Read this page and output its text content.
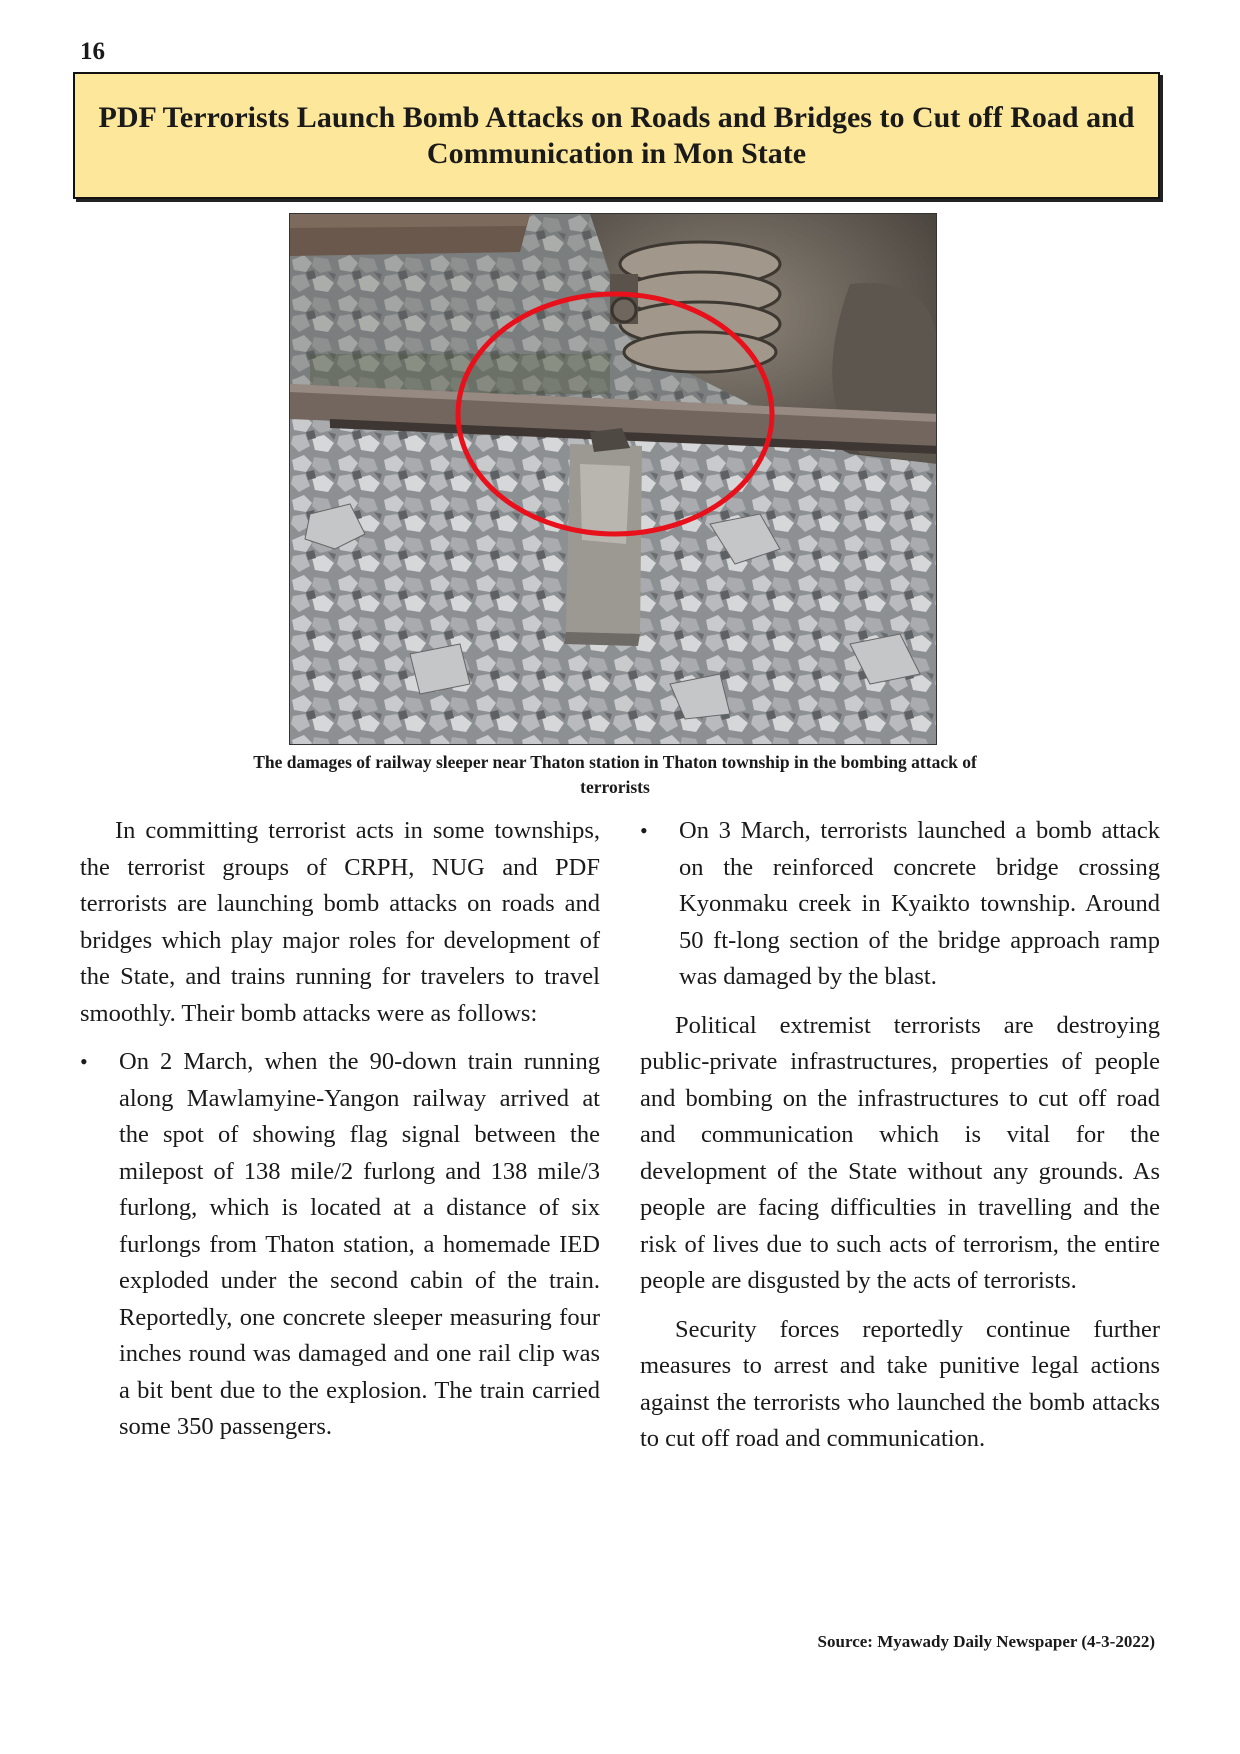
16
PDF Terrorists Launch Bomb Attacks on Roads and Bridges to Cut off Road and Communication in Mon State
The damages of railway sleeper near Thaton station in Thaton township in the bombing attack of terrorists

In committing terrorist acts in some townships, the terrorist groups of CRPH, NUG and PDF terrorists are launching bomb attacks on roads and bridges which play major roles for development of the State, and trains running for travelers to travel smoothly. Their bomb attacks were as follows:

• On 2 March, when the 90-down train running along Mawlamyine-Yangon railway arrived at the spot of showing flag signal between the milepost of 138 mile/2 furlong and 138 mile/3 furlong, which is located at a distance of six furlongs from Thaton station, a homemade IED exploded under the second cabin of the train. Reportedly, one concrete sleeper measuring four inches round was damaged and one rail clip was a bit bent due to the explosion. The train carried some 350 passengers.
• On 3 March, terrorists launched a bomb attack on the reinforced concrete bridge crossing Kyonmaku creek in Kyaikto township. Around 50 ft-long section of the bridge approach ramp was damaged by the blast.

Political extremist terrorists are destroying public-private infrastructures, properties of people and bombing on the infrastructures to cut off road and communication which is vital for the development of the State without any grounds. As people are facing difficulties in travelling and the risk of lives due to such acts of terrorism, the entire people are disgusted by the acts of terrorists.

Security forces reportedly continue further measures to arrest and take punitive legal actions against the terrorists who launched the bomb attacks to cut off road and communication.

Source: Myawady Daily Newspaper (4-3-2022)
